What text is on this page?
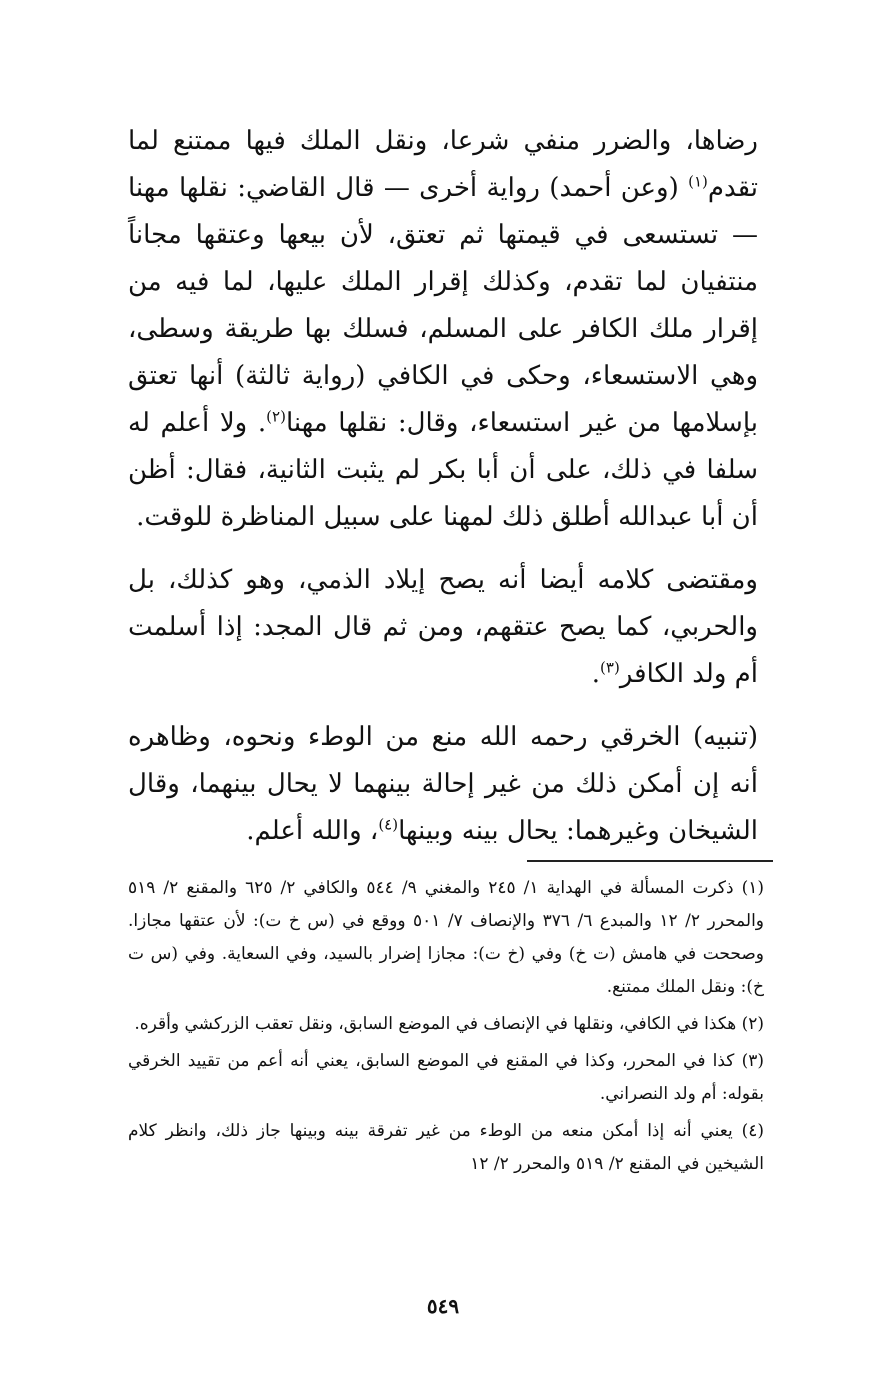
رضاها، والضرر منفي شرعا، ونقل الملك فيها ممتنع لما تقدم$^{(١)}$ (وعن أحمد) رواية أخرى — قال القاضي: نقلها مهنا — تستسعى في قيمتها ثم تعتق، لأن بيعها وعتقها مجاناً منتفيان لما تقدم، وكذلك إقرار الملك عليها، لما فيه من إقرار ملك الكافر على المسلم، فسلك بها طريقة وسطى، وهي الاستسعاء، وحكى في الكافي (رواية ثالثة) أنها تعتق بإسلامها من غير استسعاء، وقال: نقلها مهنا$^{(٢)}$. ولا أعلم له سلفا في ذلك، على أن أبا بكر لم يثبت الثانية، فقال: أظن أن أبا عبدالله أطلق ذلك لمهنا على سبيل المناظرة للوقت.

ومقتضى كلامه أيضا أنه يصح إيلاد الذمي، وهو كذلك، بل والحربي، كما يصح عتقهم، ومن ثم قال المجد: إذا أسلمت أم ولد الكافر$^{(٣)}$.

(تنبيه) الخرقي رحمه الله منع من الوطء ونحوه، وظاهره أنه إن أمكن ذلك من غير إحالة بينهما لا يحال بينهما، وقال الشيخان وغيرهما: يحال بينه وبينها$^{(٤)}$، والله أعلم.

(١) ذكرت المسألة في الهداية ١/ ٢٤٥ والمغني ٩/ ٥٤٤ والكافي ٢/ ٦٢٥ والمقنع ٢/ ٥١٩ والمحرر ٢/ ١٢ والمبدع ٦/ ٣٧٦ والإنصاف ٧/ ٥٠١ ووقع في (س خ ت): لأن عتقها مجازا. وصححت في هامش (ت خ) وفي (خ ت): مجازا إضرار بالسيد، وفي السعاية. وفي (س ت خ): ونقل الملك ممتنع.

(٢) هكذا في الكافي، ونقلها في الإنصاف في الموضع السابق، ونقل تعقب الزركشي وأقره.

(٣) كذا في المحرر، وكذا في المقنع في الموضع السابق، يعني أنه أعم من تقييد الخرقي بقوله: أم ولد النصراني.

(٤) يعني أنه إذا أمكن منعه من الوطء من غير تفرقة بينه وبينها جاز ذلك، وانظر كلام الشيخين في المقنع ٢/ ٥١٩ والمحرر ٢/ ١٢

٥٤٩
